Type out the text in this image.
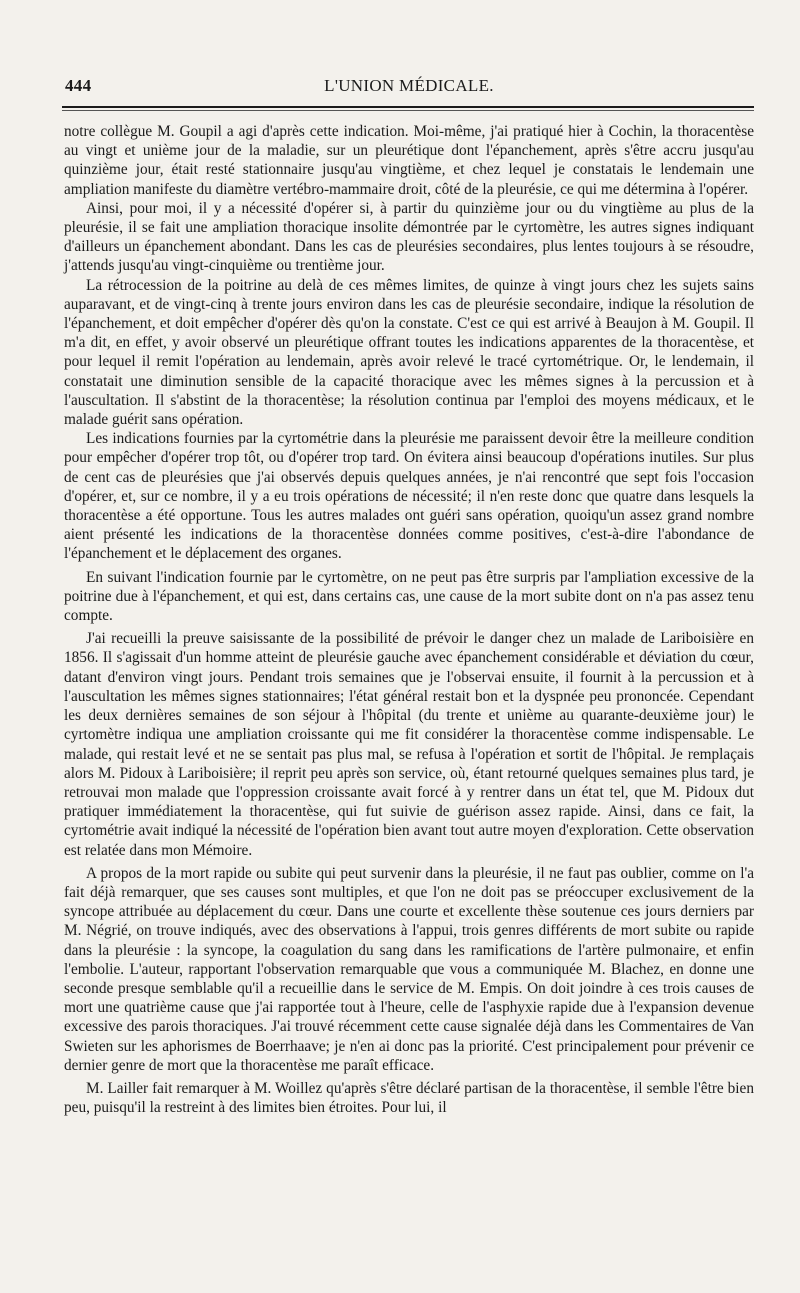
444	L'UNION MÉDICALE.

notre collègue M. Goupil a agi d'après cette indication. Moi-même, j'ai pratiqué hier à Cochin, la thoracentèse au vingt et unième jour de la maladie, sur un pleurétique dont l'épanchement, après s'être accru jusqu'au quinzième jour, était resté stationnaire jusqu'au vingtième, et chez lequel je constatais le lendemain une ampliation manifeste du diamètre vertébro-mammaire droit, côté de la pleurésie, ce qui me détermina à l'opérer.

Ainsi, pour moi, il y a nécessité d'opérer si, à partir du quinzième jour ou du vingtième au plus de la pleurésie, il se fait une ampliation thoracique insolite démontrée par le cyrtomètre, les autres signes indiquant d'ailleurs un épanchement abondant. Dans les cas de pleurésies secondaires, plus lentes toujours à se résoudre, j'attends jusqu'au vingt-cinquième ou trentième jour.

La rétrocession de la poitrine au delà de ces mêmes limites, de quinze à vingt jours chez les sujets sains auparavant, et de vingt-cinq à trente jours environ dans les cas de pleurésie secondaire, indique la résolution de l'épanchement, et doit empêcher d'opérer dès qu'on la constate. C'est ce qui est arrivé à Beaujon à M. Goupil. Il m'a dit, en effet, y avoir observé un pleurétique offrant toutes les indications apparentes de la thoracentèse, et pour lequel il remit l'opération au lendemain, après avoir relevé le tracé cyrtométrique. Or, le lendemain, il constatait une diminution sensible de la capacité thoracique avec les mêmes signes à la percussion et à l'auscultation. Il s'abstint de la thoracentèse; la résolution continua par l'emploi des moyens médicaux, et le malade guérit sans opération.

Les indications fournies par la cyrtométrie dans la pleurésie me paraissent devoir être la meilleure condition pour empêcher d'opérer trop tôt, ou d'opérer trop tard. On évitera ainsi beaucoup d'opérations inutiles. Sur plus de cent cas de pleurésies que j'ai observés depuis quelques années, je n'ai rencontré que sept fois l'occasion d'opérer, et, sur ce nombre, il y a eu trois opérations de nécessité; il n'en reste donc que quatre dans lesquels la thoracentèse a été opportune. Tous les autres malades ont guéri sans opération, quoiqu'un assez grand nombre aient présenté les indications de la thoracentèse données comme positives, c'est-à-dire l'abondance de l'épanchement et le déplacement des organes.

En suivant l'indication fournie par le cyrtomètre, on ne peut pas être surpris par l'ampliation excessive de la poitrine due à l'épanchement, et qui est, dans certains cas, une cause de la mort subite dont on n'a pas assez tenu compte.

J'ai recueilli la preuve saisissante de la possibilité de prévoir le danger chez un malade de Lariboisière en 1856. Il s'agissait d'un homme atteint de pleurésie gauche avec épanchement considérable et déviation du cœur, datant d'environ vingt jours. Pendant trois semaines que je l'observai ensuite, il fournit à la percussion et à l'auscultation les mêmes signes stationnaires; l'état général restait bon et la dyspnée peu prononcée. Cependant les deux dernières semaines de son séjour à l'hôpital (du trente et unième au quarante-deuxième jour) le cyrtomètre indiqua une ampliation croissante qui me fit considérer la thoracentèse comme indispensable. Le malade, qui restait levé et ne se sentait pas plus mal, se refusa à l'opération et sortit de l'hôpital. Je remplaçais alors M. Pidoux à Lariboisière; il reprit peu après son service, où, étant retourné quelques semaines plus tard, je retrouvai mon malade que l'oppression croissante avait forcé à y rentrer dans un état tel, que M. Pidoux dut pratiquer immédiatement la thoracentèse, qui fut suivie de guérison assez rapide. Ainsi, dans ce fait, la cyrtométrie avait indiqué la nécessité de l'opération bien avant tout autre moyen d'exploration. Cette observation est relatée dans mon Mémoire.

A propos de la mort rapide ou subite qui peut survenir dans la pleurésie, il ne faut pas oublier, comme on l'a fait déjà remarquer, que ses causes sont multiples, et que l'on ne doit pas se préoccuper exclusivement de la syncope attribuée au déplacement du cœur. Dans une courte et excellente thèse soutenue ces jours derniers par M. Négrié, on trouve indiqués, avec des observations à l'appui, trois genres différents de mort subite ou rapide dans la pleurésie : la syncope, la coagulation du sang dans les ramifications de l'artère pulmonaire, et enfin l'embolie. L'auteur, rapportant l'observation remarquable que vous a communiquée M. Blachez, en donne une seconde presque semblable qu'il a recueillie dans le service de M. Empis. On doit joindre à ces trois causes de mort une quatrième cause que j'ai rapportée tout à l'heure, celle de l'asphyxie rapide due à l'expansion devenue excessive des parois thoraciques. J'ai trouvé récemment cette cause signalée déjà dans les Commentaires de Van Swieten sur les aphorismes de Boerrhaave; je n'en ai donc pas la priorité. C'est principalement pour prévenir ce dernier genre de mort que la thoracentèse me paraît efficace.

M. Lailler fait remarquer à M. Woillez qu'après s'être déclaré partisan de la thoracentèse, il semble l'être bien peu, puisqu'il la restreint à des limites bien étroites. Pour lui, il
